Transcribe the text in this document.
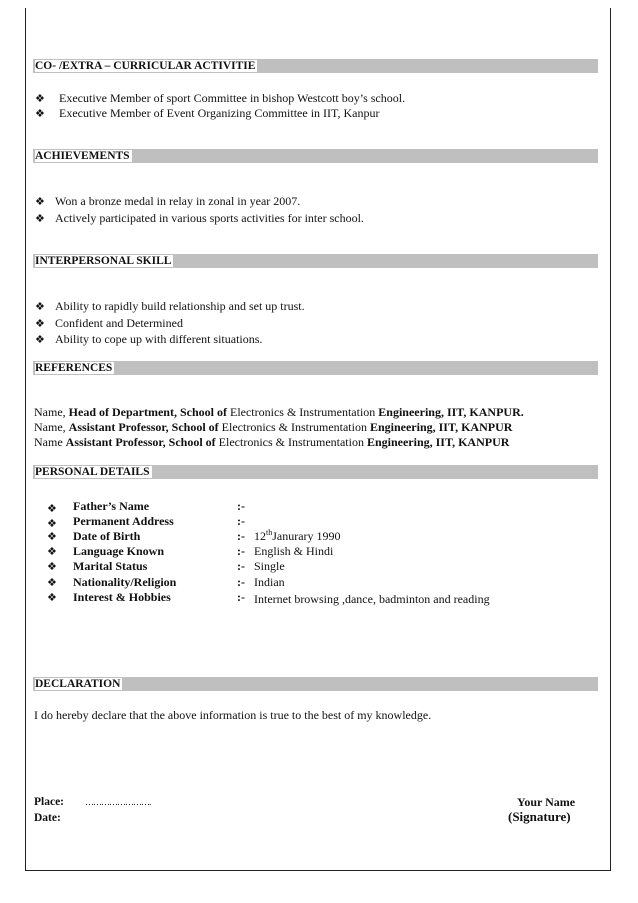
CO- /EXTRA – CURRICULAR ACTIVITIE
❖ Executive Member of sport Committee in bishop Westcott boy’s school.
❖ Executive Member of Event Organizing Committee in IIT, Kanpur
ACHIEVEMENTS
❖ Won a bronze medal in relay in zonal in year 2007.
❖ Actively participated in various sports activities for inter school.
INTERPERSONAL SKILL
❖ Ability to rapidly build relationship and set up trust.
❖ Confident and Determined
❖ Ability to cope up with different situations.
REFERENCES
Name, Head of Department, School of Electronics & Instrumentation Engineering, IIT, KANPUR.
Name, Assistant Professor, School of Electronics & Instrumentation Engineering, IIT, KANPUR
Name Assistant Professor, School of Electronics & Instrumentation Engineering, IIT, KANPUR
PERSONAL DETAILS
❖ Father’s Name	:-
❖ Permanent Address	:-
❖ Date of Birth	:- 12thJanurary 1990
❖ Language Known	:- English & Hindi
❖ Marital Status	:- Single
❖ Nationality/Religion	:- Indian
❖ Interest & Hobbies	:- Internet browsing ,dance, badminton and reading
DECLARATION
I do hereby declare that the above information is true to the best of my knowledge.
Place: …………………….
Date:
Your Name
(Signature)
